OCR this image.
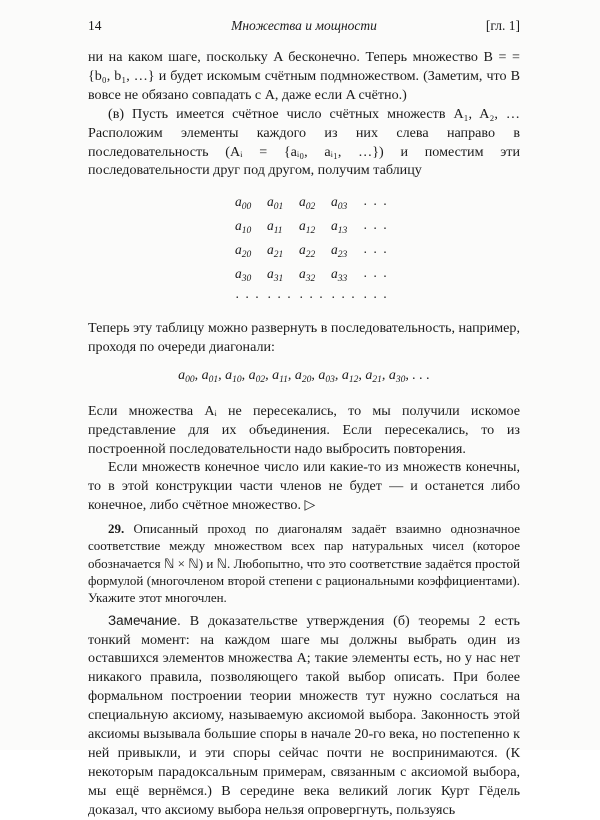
14	Множества и мощности	[гл. 1]

ни на каком шаге, поскольку A бесконечно. Теперь множество B = = {b₀, b₁, …} и будет искомым счётным подмножеством. (Заметим, что B вовсе не обязано совпадать с A, даже если A счётно.)

(в) Пусть имеется счётное число счётных множеств A₁, A₂, … Расположим элементы каждого из них слева направо в последовательность (Aᵢ = {aᵢ₀, aᵢ₁, …}) и поместим эти последовательности друг под другом, получим таблицу

$a_{00}$	$a_{01}$	$a_{02}$	$a_{03}$	· · ·
$a_{10}$	$a_{11}$	$a_{12}$	$a_{13}$	· · ·
$a_{20}$	$a_{21}$	$a_{22}$	$a_{23}$	· · ·
$a_{30}$	$a_{31}$	$a_{32}$	$a_{33}$	· · ·
· · ·	· · ·	· · ·	· · ·	· · ·

Теперь эту таблицу можно развернуть в последовательность, например, проходя по очереди диагонали:

$a_{00}$, $a_{01}$, $a_{10}$, $a_{02}$, $a_{11}$, $a_{20}$, $a_{03}$, $a_{12}$, $a_{21}$, $a_{30}$, . . .

Если множества Aᵢ не пересекались, то мы получили искомое представление для их объединения. Если пересекались, то из построенной последовательности надо выбросить повторения.

Если множеств конечное число или какие-то из множеств конечны, то в этой конструкции части членов не будет — и останется либо конечное, либо счётное множество. ▷

29. Описанный проход по диагоналям задаёт взаимно однозначное соответствие между множеством всех пар натуральных чисел (которое обозначается ℕ × ℕ) и ℕ. Любопытно, что это соответствие задаётся простой формулой (многочленом второй степени с рациональными коэффициентами). Укажите этот многочлен.

Замечание. В доказательстве утверждения (б) теоремы 2 есть тонкий момент: на каждом шаге мы должны выбрать один из оставшихся элементов множества A; такие элементы есть, но у нас нет никакого правила, позволяющего такой выбор описать. При более формальном построении теории множеств тут нужно сослаться на специальную аксиому, называемую аксиомой выбора. Законность этой аксиомы вызывала большие споры в начале 20-го века, но постепенно к ней привыкли, и эти споры сейчас почти не воспринимаются. (К некоторым парадоксальным примерам, связанным с аксиомой выбора, мы ещё вернёмся.) В середине века великий логик Курт Гёдель доказал, что аксиому выбора нельзя опровергнуть, пользуясь
